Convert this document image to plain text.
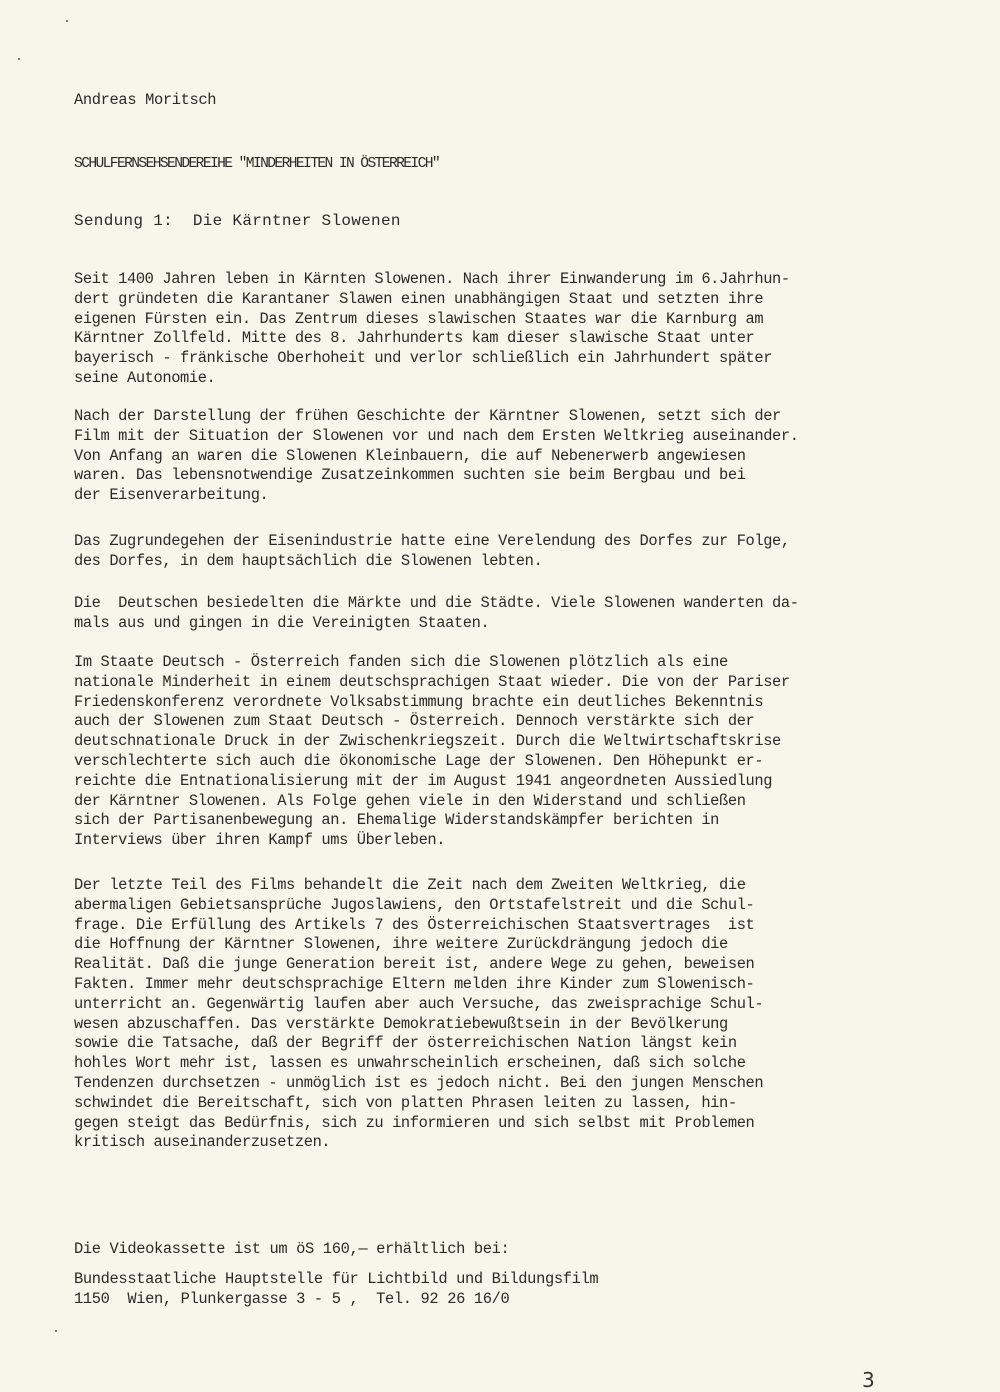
Andreas Moritsch
SCHULFERNSEHSENDEREIHE "MINDERHEITEN IN ÖSTERREICH"
Sendung 1:  Die Kärntner Slowenen
Seit 1400 Jahren leben in Kärnten Slowenen. Nach ihrer Einwanderung im 6.Jahrhun-
dert gründeten die Karantaner Slawen einen unabhängigen Staat und setzten ihre
eigenen Fürsten ein. Das Zentrum dieses slawischen Staates war die Karnburg am
Kärntner Zollfeld. Mitte des 8. Jahrhunderts kam dieser slawische Staat unter
bayerisch - fränkische Oberhoheit und verlor schließlich ein Jahrhundert später
seine Autonomie.
Nach der Darstellung der frühen Geschichte der Kärntner Slowenen, setzt sich der
Film mit der Situation der Slowenen vor und nach dem Ersten Weltkrieg auseinander.
Von Anfang an waren die Slowenen Kleinbauern, die auf Nebenerwerb angewiesen
waren. Das lebensnotwendige Zusatzeinkommen suchten sie beim Bergbau und bei
der Eisenverarbeitung.
Das Zugrundegehen der Eisenindustrie hatte eine Verelendung des Dorfes zur Folge,
des Dorfes, in dem hauptsächlich die Slowenen lebten.
Die  Deutschen besiedelten die Märkte und die Städte. Viele Slowenen wanderten da-
mals aus und gingen in die Vereinigten Staaten.
Im Staate Deutsch - Österreich fanden sich die Slowenen plötzlich als eine
nationale Minderheit in einem deutschsprachigen Staat wieder. Die von der Pariser
Friedenskonferenz verordnete Volksabstimmung brachte ein deutliches Bekenntnis
auch der Slowenen zum Staat Deutsch - Österreich. Dennoch verstärkte sich der
deutschnationale Druck in der Zwischenkriegszeit. Durch die Weltwirtschaftskrise
verschlechterte sich auch die ökonomische Lage der Slowenen. Den Höhepunkt er-
reichte die Entnationalisierung mit der im August 1941 angeordneten Aussiedlung
der Kärntner Slowenen. Als Folge gehen viele in den Widerstand und schließen
sich der Partisanenbewegung an. Ehemalige Widerstandskämpfer berichten in
Interviews über ihren Kampf ums Überleben.
Der letzte Teil des Films behandelt die Zeit nach dem Zweiten Weltkrieg, die
abermaligen Gebietsansprüche Jugoslawiens, den Ortstafelstreit und die Schul-
frage. Die Erfüllung des Artikels 7 des Österreichischen Staatsvertrages  ist
die Hoffnung der Kärntner Slowenen, ihre weitere Zurückdrängung jedoch die
Realität. Daß die junge Generation bereit ist, andere Wege zu gehen, beweisen
Fakten. Immer mehr deutschsprachige Eltern melden ihre Kinder zum Slowenisch-
unterricht an. Gegenwärtig laufen aber auch Versuche, das zweisprachige Schul-
wesen abzuschaffen. Das verstärkte Demokratiebewußtsein in der Bevölkerung
sowie die Tatsache, daß der Begriff der österreichischen Nation längst kein
hohles Wort mehr ist, lassen es unwahrscheinlich erscheinen, daß sich solche
Tendenzen durchsetzen - unmöglich ist es jedoch nicht. Bei den jungen Menschen
schwindet die Bereitschaft, sich von platten Phrasen leiten zu lassen, hin-
gegen steigt das Bedürfnis, sich zu informieren und sich selbst mit Problemen
kritisch auseinanderzusetzen.
Die Videokassette ist um öS 160,— erhältlich bei:
Bundesstaatliche Hauptstelle für Lichtbild und Bildungsfilm
1150  Wien, Plunkergasse 3 - 5 ,  Tel. 92 26 16/0
3
